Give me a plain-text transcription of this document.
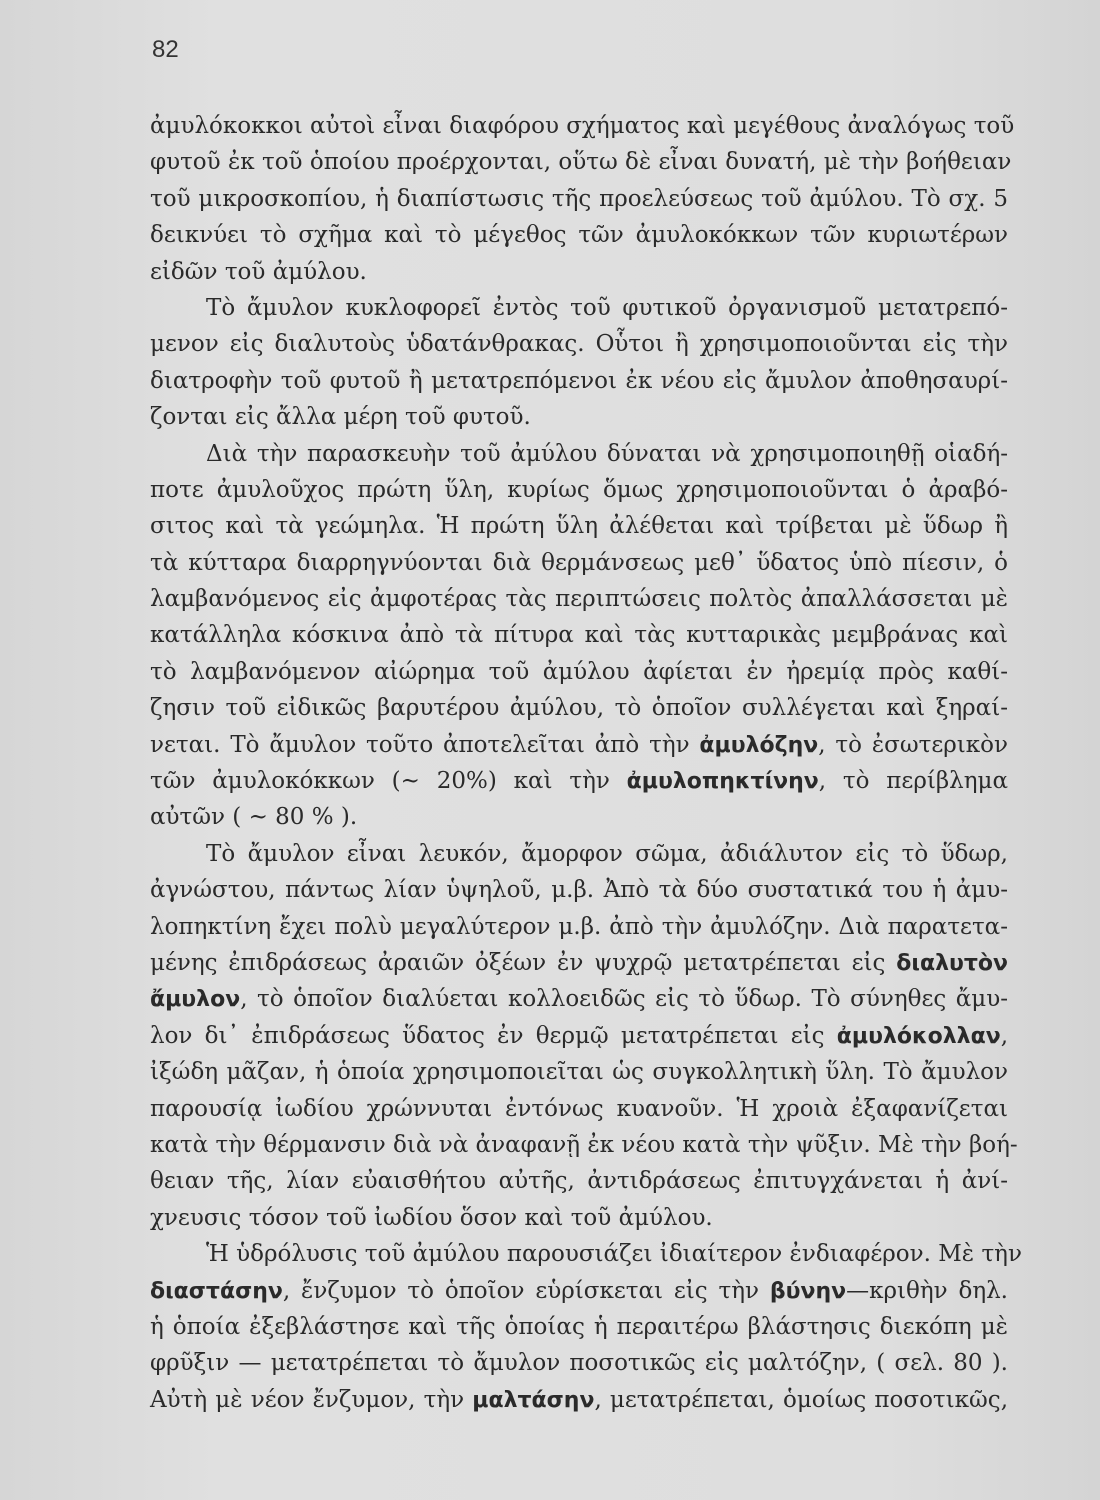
82
ἀμυλόκοκκοι αὐτοὶ εἶναι διαφόρου σχήματος καὶ μεγέθους ἀναλόγως τοῦ
φυτοῦ ἐκ τοῦ ὁποίου προέρχονται, οὕτω δὲ εἶναι δυνατή, μὲ τὴν βοήθειαν
τοῦ μικροσκοπίου, ἡ διαπίστωσις τῆς προελεύσεως τοῦ ἀμύλου. Τὸ σχ. 5
δεικνύει τὸ σχῆμα καὶ τὸ μέγεθος τῶν ἀμυλοκόκκων τῶν κυριωτέρων
εἰδῶν τοῦ ἀμύλου.
Τὸ ἄμυλον κυκλοφορεῖ ἐντὸς τοῦ φυτικοῦ ὀργανισμοῦ μετατρεπό-
μενον εἰς διαλυτοὺς ὑδατάνθρακας. Οὗτοι ἢ χρησιμοποιοῦνται εἰς τὴν
διατροφὴν τοῦ φυτοῦ ἢ μετατρεπόμενοι ἐκ νέου εἰς ἄμυλον ἀποθησαυρί-
ζονται εἰς ἄλλα μέρη τοῦ φυτοῦ.
Διὰ τὴν παρασκευὴν τοῦ ἀμύλου δύναται νὰ χρησιμοποιηθῇ οἱαδή-
ποτε ἀμυλοῦχος πρώτη ὕλη, κυρίως ὅμως χρησιμοποιοῦνται ὁ ἀραβό-
σιτος καὶ τὰ γεώμηλα. Ἡ πρώτη ὕλη ἀλέθεται καὶ τρίβεται μὲ ὕδωρ ἢ
τὰ κύτταρα διαρρηγνύονται διὰ θερμάνσεως μεθ᾽ ὕδατος ὑπὸ πίεσιν, ὁ
λαμβανόμενος εἰς ἀμφοτέρας τὰς περιπτώσεις πολτὸς ἀπαλλάσσεται μὲ
κατάλληλα κόσκινα ἀπὸ τὰ πίτυρα καὶ τὰς κυτταρικὰς μεμβράνας καὶ
τὸ λαμβανόμενον αἰώρημα τοῦ ἀμύλου ἀφίεται ἐν ἠρεμίᾳ πρὸς καθί-
ζησιν τοῦ εἰδικῶς βαρυτέρου ἀμύλου, τὸ ὁποῖον συλλέγεται καὶ ξηραί-
νεται. Τὸ ἄμυλον τοῦτο ἀποτελεῖται ἀπὸ τὴν ἀμυλόζην, τὸ ἐσωτερικὸν
τῶν ἀμυλοκόκκων (~ 20%) καὶ τὴν ἀμυλοπηκτίνην, τὸ περίβλημα
αὐτῶν ( ~ 80 % ).
Τὸ ἄμυλον εἶναι λευκόν, ἄμορφον σῶμα, ἀδιάλυτον εἰς τὸ ὕδωρ,
ἀγνώστου, πάντως λίαν ὑψηλοῦ, μ.β. Ἀπὸ τὰ δύο συστατικά του ἡ ἀμυ-
λοπηκτίνη ἔχει πολὺ μεγαλύτερον μ.β. ἀπὸ τὴν ἀμυλόζην. Διὰ παρατετα-
μένης ἐπιδράσεως ἀραιῶν ὀξέων ἐν ψυχρῷ μετατρέπεται εἰς διαλυτὸν
ἄμυλον, τὸ ὁποῖον διαλύεται κολλοειδῶς εἰς τὸ ὕδωρ. Τὸ σύνηθες ἄμυ-
λον δι᾽ ἐπιδράσεως ὕδατος ἐν θερμῷ μετατρέπεται εἰς ἀμυλόκολλαν,
ἰξώδη μᾶζαν, ἡ ὁποία χρησιμοποιεῖται ὡς συγκολλητικὴ ὕλη. Τὸ ἄμυλον
παρουσίᾳ ἰωδίου χρώννυται ἐντόνως κυανοῦν. Ἡ χροιὰ ἐξαφανίζεται
κατὰ τὴν θέρμανσιν διὰ νὰ ἀναφανῇ ἐκ νέου κατὰ τὴν ψῦξιν. Μὲ τὴν βοή-
θειαν τῆς, λίαν εὐαισθήτου αὐτῆς, ἀντιδράσεως ἐπιτυγχάνεται ἡ ἀνί-
χνευσις τόσον τοῦ ἰωδίου ὅσον καὶ τοῦ ἀμύλου.
Ἡ ὑδρόλυσις τοῦ ἀμύλου παρουσιάζει ἰδιαίτερον ἐνδιαφέρον. Μὲ τὴν
διαστάσην, ἔνζυμον τὸ ὁποῖον εὑρίσκεται εἰς τὴν βύνην—κριθὴν δηλ.
ἡ ὁποία ἐξεβλάστησε καὶ τῆς ὁποίας ἡ περαιτέρω βλάστησις διεκόπη μὲ
φρῦξιν — μετατρέπεται τὸ ἄμυλον ποσοτικῶς εἰς μαλτόζην, ( σελ. 80 ).
Αὐτὴ μὲ νέον ἔνζυμον, τὴν μαλτάσην, μετατρέπεται, ὁμοίως ποσοτικῶς,
